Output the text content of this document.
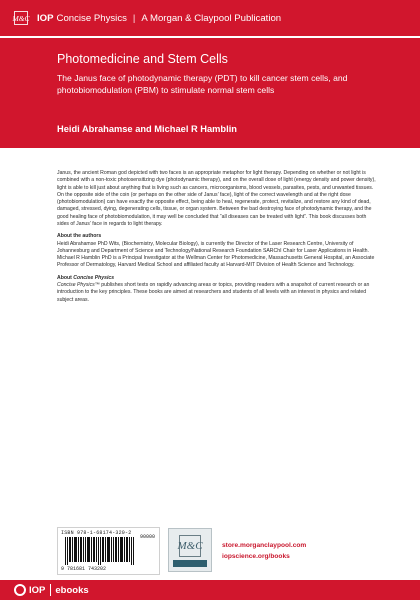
M&C IOP Concise Physics | A Morgan & Claypool Publication
Photomedicine and Stem Cells
The Janus face of photodynamic therapy (PDT) to kill cancer stem cells, and photobiomodulation (PBM) to stimulate normal stem cells
Heidi Abrahamse and Michael R Hamblin

Janus, the ancient Roman god depicted with two faces is an appropriate metaphor for light therapy. Depending on whether or not light is combined with a non-toxic photosensitizing dye (photodynamic therapy), and on the overall dose of light (energy density and power density), light is able to kill just about anything that is living such as cancers, microorganisms, blood vessels, parasites, pests, and unwanted tissues. On the opposite side of the coin (or perhaps on the other side of Janus’ face), light of the correct wavelength and at the right dose (photobiomodulation) can have exactly the opposite effect, being able to heal, regenerate, protect, revitalize, and restore any kind of dead, damaged, stressed, dying, degenerating cells, tissue, or organ system. Between the bad destroying face of photodynamic therapy, and the good healing face of photobiomodulation, it may well be concluded that “all diseases can be treated with light”. This book discusses both sides of Janus’ face in regards to light therapy.

About the authors

Heidi Abrahamse PhD Wits, (Biochemistry, Molecular Biology), is currently the Director of the Laser Research Centre, University of Johannesburg and Department of Science and Technology/National Research Foundation SARChI Chair for Laser Applications in Health. Michael R Hamblin PhD is a Principal Investigator at the Wellman Center for Photomedicine, Massachusetts General Hospital, an Associate Professor of Dermatology, Harvard Medical School and affiliated faculty at Harvard-MIT Division of Health Science and Technology.

About Concise Physics

Concise Physics™ publishes short texts on rapidly advancing areas or topics, providing readers with a snapshot of current research or an introduction to the key principles. These books are aimed at researchers and students of all levels with an interest in physics and related subject areas.

ISBN 978-1-68174-320-2
90000
9 781681 743202
M&C	store.morganclaypool.com
iopscience.org/books
IOP ebooks
